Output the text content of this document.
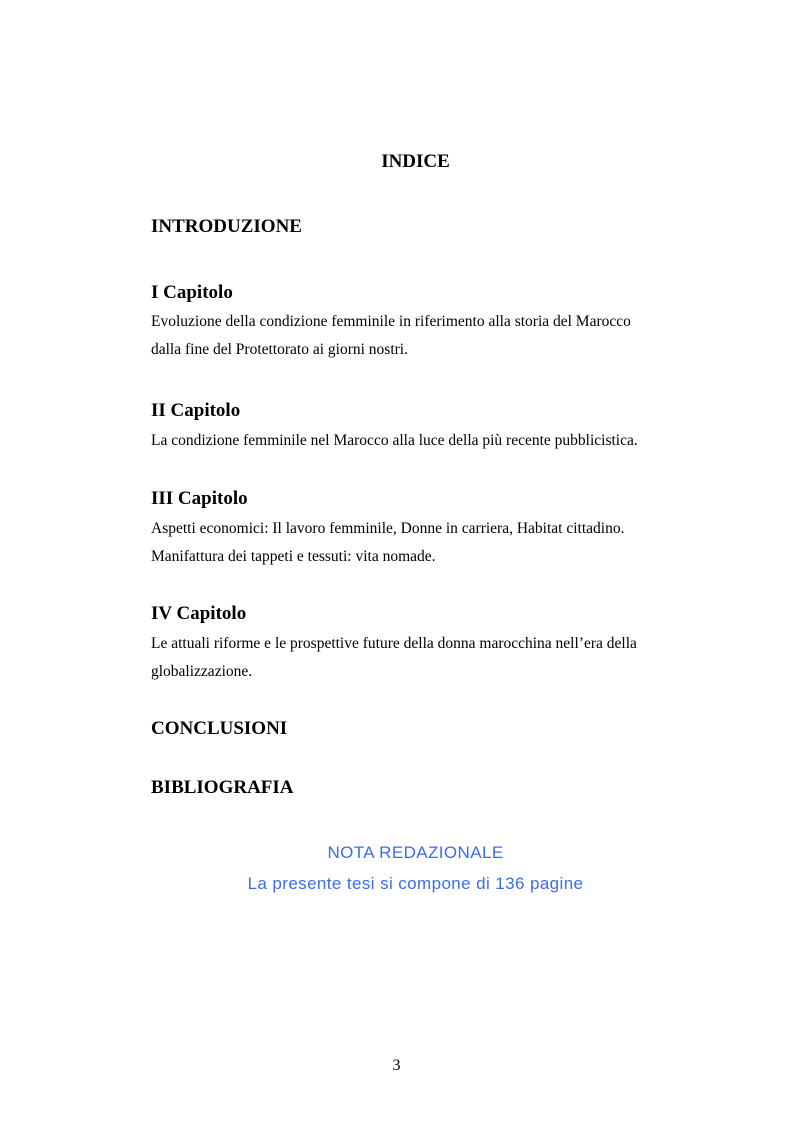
INDICE
INTRODUZIONE
I Capitolo
Evoluzione della condizione femminile in riferimento alla storia del Marocco
dalla fine del Protettorato ai giorni nostri.
II Capitolo
La condizione femminile nel Marocco alla luce della più recente pubblicistica.
III Capitolo
Aspetti economici: Il lavoro femminile, Donne in carriera, Habitat cittadino.
Manifattura dei tappeti e tessuti: vita nomade.
IV Capitolo
Le attuali riforme e le prospettive future della donna marocchina nell’era della
globalizzazione.
CONCLUSIONI
BIBLIOGRAFIA
NOTA REDAZIONALE
La presente tesi si compone di 136 pagine
3
